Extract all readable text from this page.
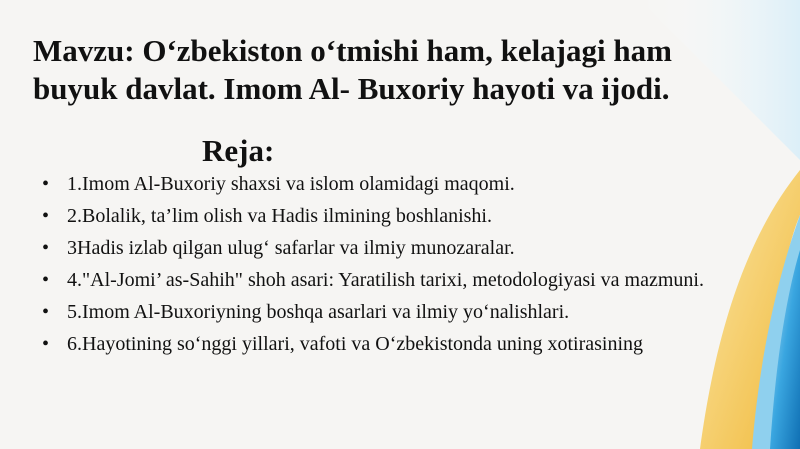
Mavzu: O‘zbekiston o‘tmishi ham, kelajagi ham buyuk davlat. Imom Al- Buxoriy hayoti va ijodi.
Reja:
• 1.Imom Al-Buxoriy shaxsi va islom olamidagi maqomi.
• 2.Bolalik, ta’lim olish va Hadis ilmining boshlanishi.
• 3Hadis izlab qilgan ulug‘ safarlar va ilmiy munozaralar.
• 4."Al-Jomi’ as-Sahih" shoh asari: Yaratilish tarixi, metodologiyasi va mazmuni.
• 5.Imom Al-Buxoriyning boshqa asarlari va ilmiy yo‘nalishlari.
• 6.Hayotining so‘nggi yillari, vafoti va O‘zbekistonda uning xotirasining
